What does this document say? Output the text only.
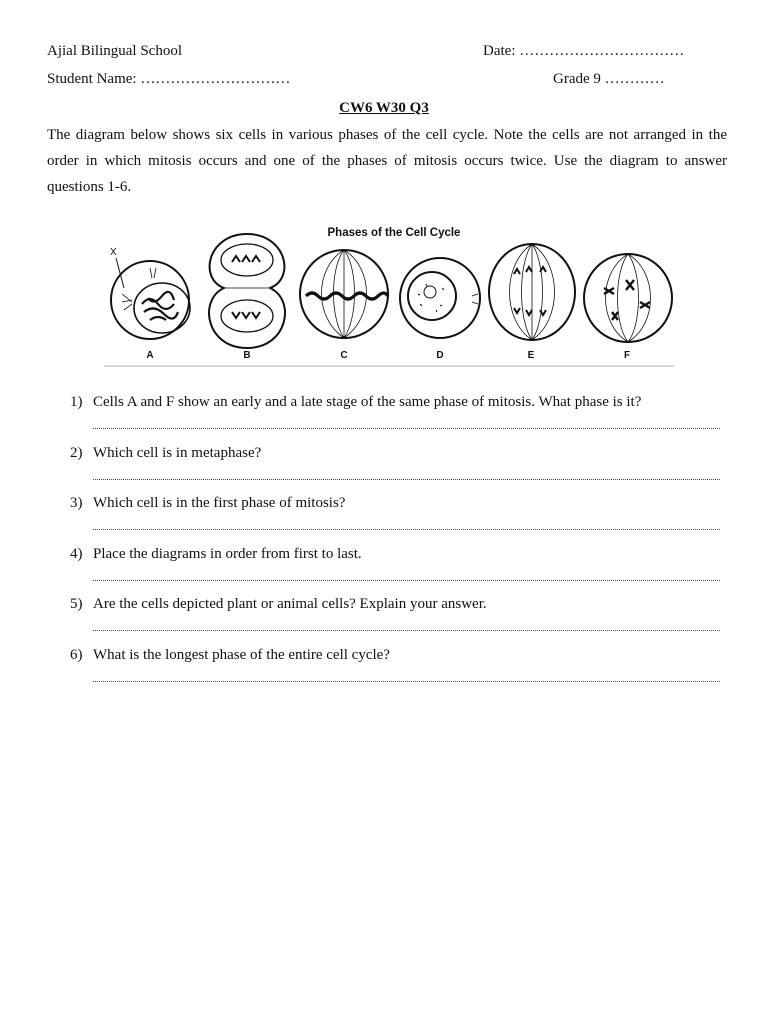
Ajial Bilingual School	Date: ……………………………
Student Name: …………………………	Grade 9 …………
CW6 W30 Q3
The diagram below shows six cells in various phases of the cell cycle. Note the cells are not arranged in the order in which mitosis occurs and one of the phases of mitosis occurs twice. Use the diagram to answer questions 1-6.
Phases of the Cell Cycle
X
A	B	C	D	E	F
1) Cells A and F show an early and a late stage of the same phase of mitosis. What phase is it?
2) Which cell is in metaphase?
3) Which cell is in the first phase of mitosis?
4) Place the diagrams in order from first to last.
5) Are the cells depicted plant or animal cells? Explain your answer.
6) What is the longest phase of the entire cell cycle?
